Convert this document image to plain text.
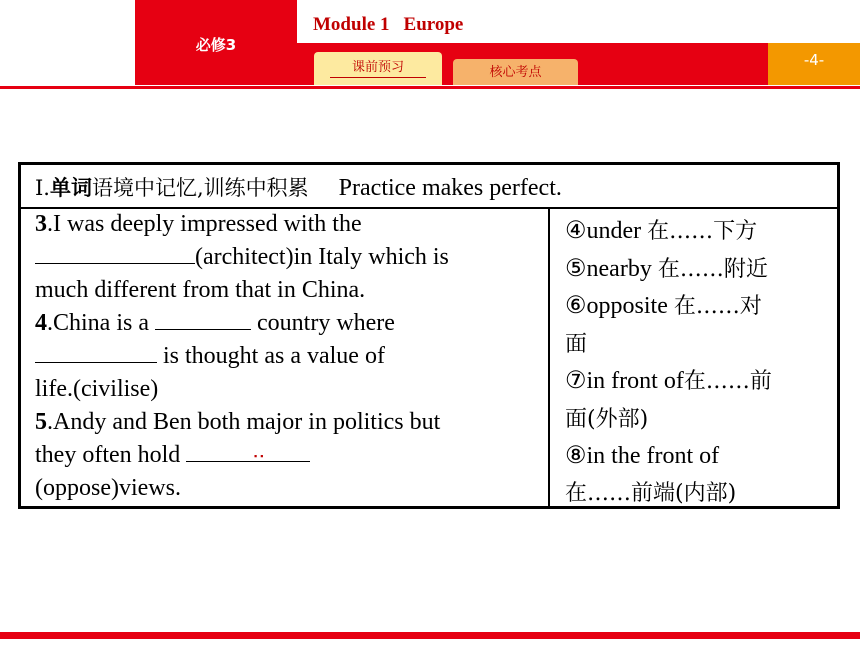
必修3
Module 1 Europe
课前预习	核心考点
-4-
Ⅰ.单词语境中记忆,训练中积累 Practice makes perfect.
3.I was deeply impressed with the
(architect)in Italy which is
much different from that in China.
4.China is a	country where
is thought as a value of
life.(civilise)
5.Andy and Ben both major in politics but
they often hold
(oppose)views.
④under 在……下方
⑤nearby 在……附近
⑥opposite 在……对
面
⑦in front of在……前
面(外部)
⑧in the front of
在……前端(内部)
▪▪
